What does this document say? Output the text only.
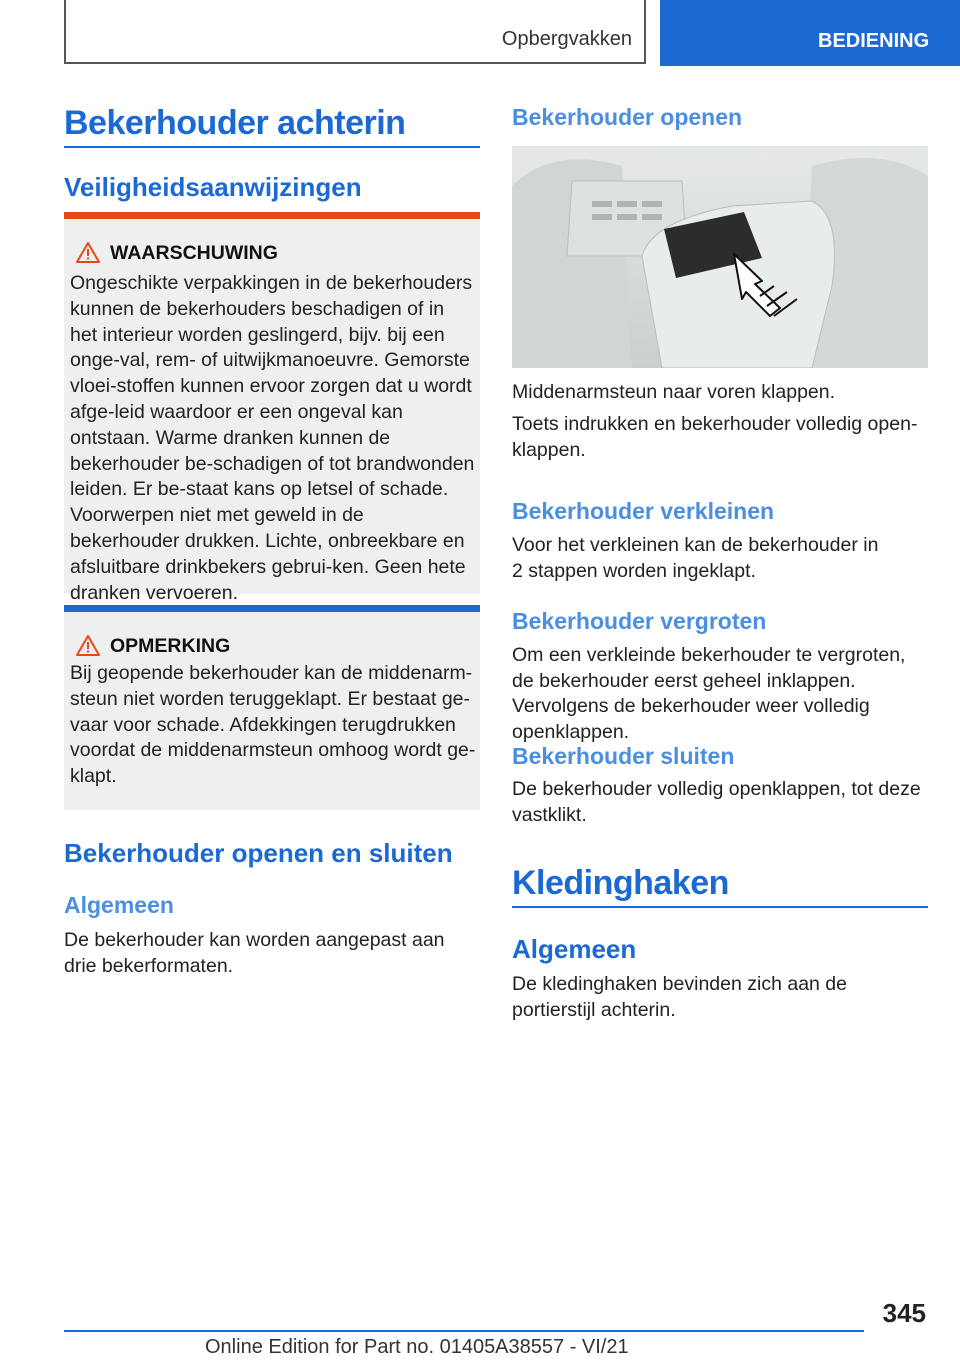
Opbergvakken	BEDIENING
Bekerhouder achterin
Veiligheidsaanwijzingen
WAARSCHUWING
Ongeschikte verpakkingen in de bekerhouders kunnen de bekerhouders beschadigen of in het interieur worden geslingerd, bijv. bij een onge-val, rem- of uitwijkmanoeuvre. Gemorste vloei-stoffen kunnen ervoor zorgen dat u wordt afge-leid waardoor er een ongeval kan ontstaan. Warme dranken kunnen de bekerhouder be-schadigen of tot brandwonden leiden. Er be-staat kans op letsel of schade. Voorwerpen niet met geweld in de bekerhouder drukken. Lichte, onbreekbare en afsluitbare drinkbekers gebrui-ken. Geen hete dranken vervoeren.
OPMERKING
Bij geopende bekerhouder kan de middenarm-steun niet worden teruggeklapt. Er bestaat ge-vaar voor schade. Afdekkingen terugdrukken voordat de middenarmsteun omhoog wordt ge-klapt.
Bekerhouder openen en sluiten
Algemeen

De bekerhouder kan worden aangepast aan drie bekerformaten.

Bekerhouder openen

Middenarmsteun naar voren klappen.

Toets indrukken en bekerhouder volledig open-klappen.

Bekerhouder verkleinen

Voor het verkleinen kan de bekerhouder in 2 stappen worden ingeklapt.

Bekerhouder vergroten

Om een verkleinde bekerhouder te vergroten, de bekerhouder eerst geheel inklappen. Vervolgens de bekerhouder weer volledig openklappen.

Bekerhouder sluiten

De bekerhouder volledig openklappen, tot deze vastklikt.

Kledinghaken
Algemeen

De kledinghaken bevinden zich aan de portierstijl achterin.

345
Online Edition for Part no. 01405A38557 - VI/21
